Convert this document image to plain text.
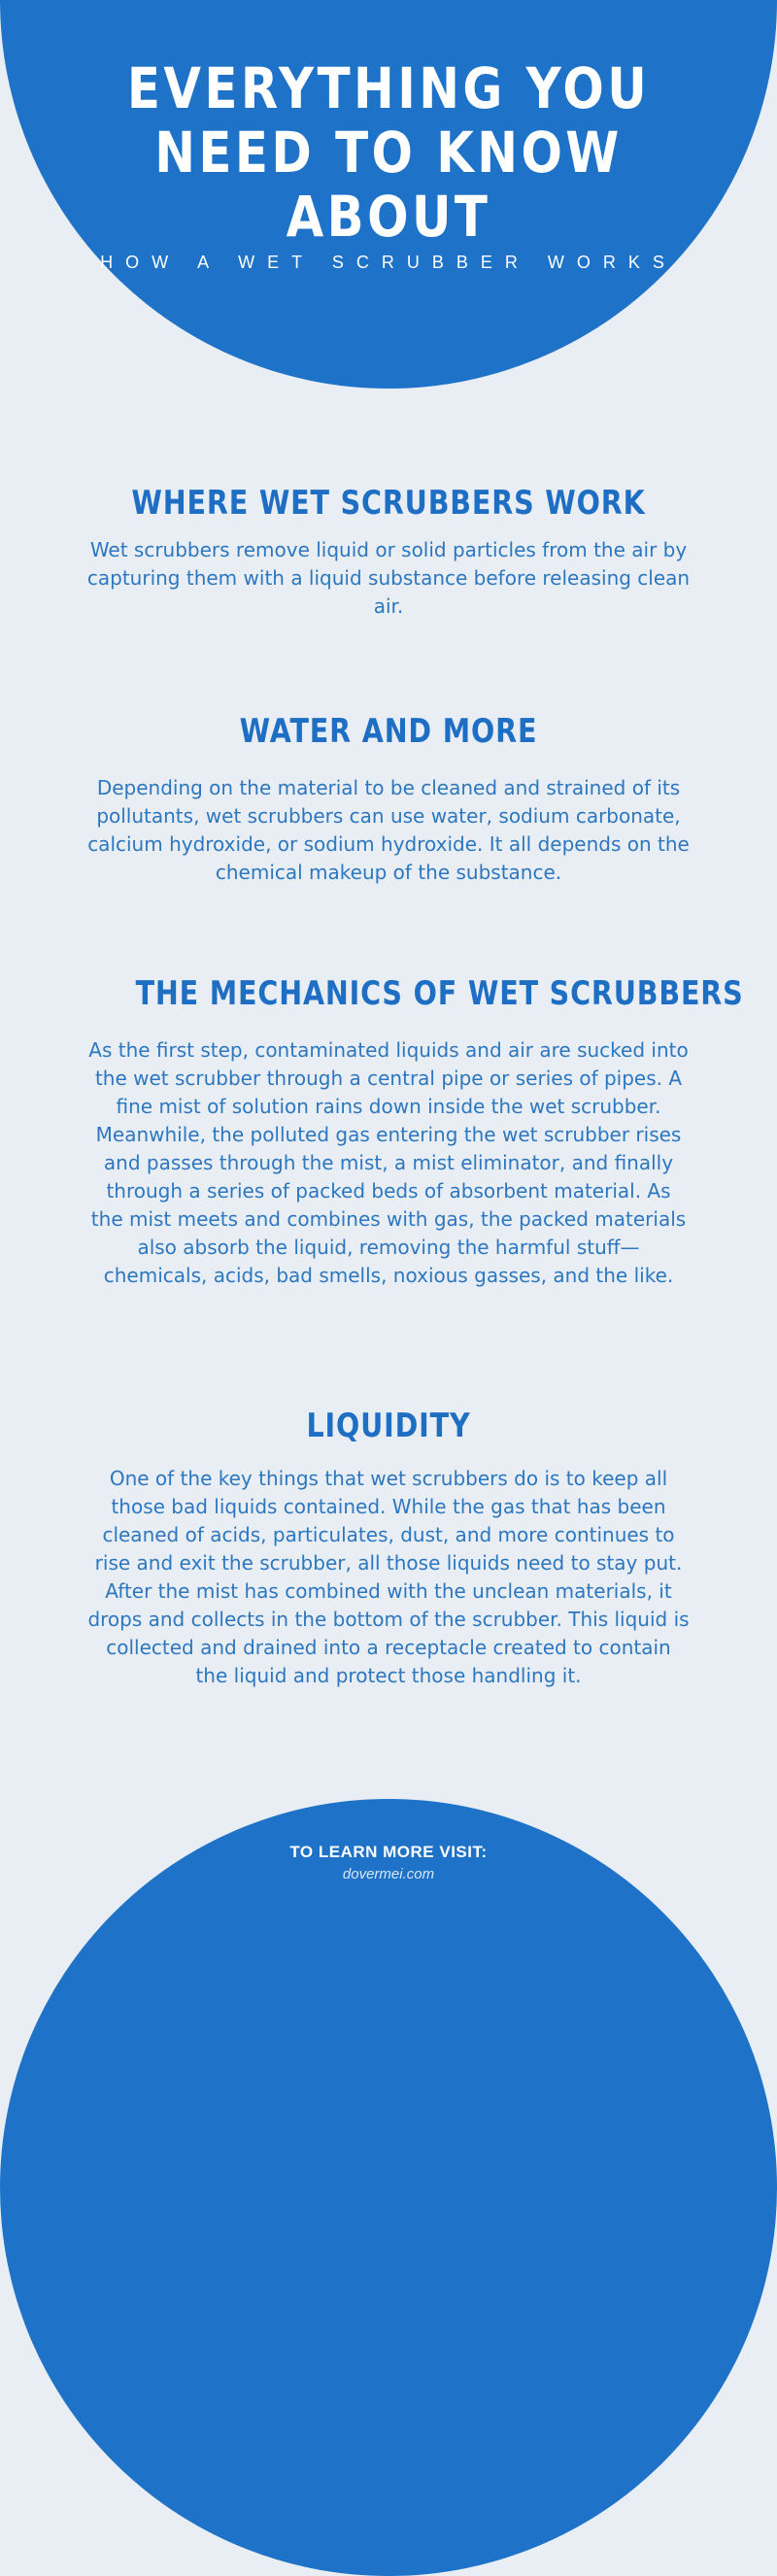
EVERYTHING YOU
NEED TO KNOW ABOUT
HOW A WET SCRUBBER WORKS
WHERE WET SCRUBBERS WORK

Wet scrubbers remove liquid or solid particles from the air by capturing them with a liquid substance before releasing clean air.

WATER AND MORE

Depending on the material to be cleaned and strained of its pollutants, wet scrubbers can use water, sodium carbonate, calcium hydroxide, or sodium hydroxide. It all depends on the chemical makeup of the substance.

THE MECHANICS OF WET SCRUBBERS

As the first step, contaminated liquids and air are sucked into the wet scrubber through a central pipe or series of pipes. A fine mist of solution rains down inside the wet scrubber. Meanwhile, the polluted gas entering the wet scrubber rises and passes through the mist, a mist eliminator, and finally through a series of packed beds of absorbent material. As the mist meets and combines with gas, the packed materials also absorb the liquid, removing the harmful stuff—chemicals, acids, bad smells, noxious gasses, and the like.

LIQUIDITY

One of the key things that wet scrubbers do is to keep all those bad liquids contained. While the gas that has been cleaned of acids, particulates, dust, and more continues to rise and exit the scrubber, all those liquids need to stay put. After the mist has combined with the unclean materials, it drops and collects in the bottom of the scrubber. This liquid is collected and drained into a receptacle created to contain the liquid and protect those handling it.

TO LEARN MORE VISIT:
dovermei.com
